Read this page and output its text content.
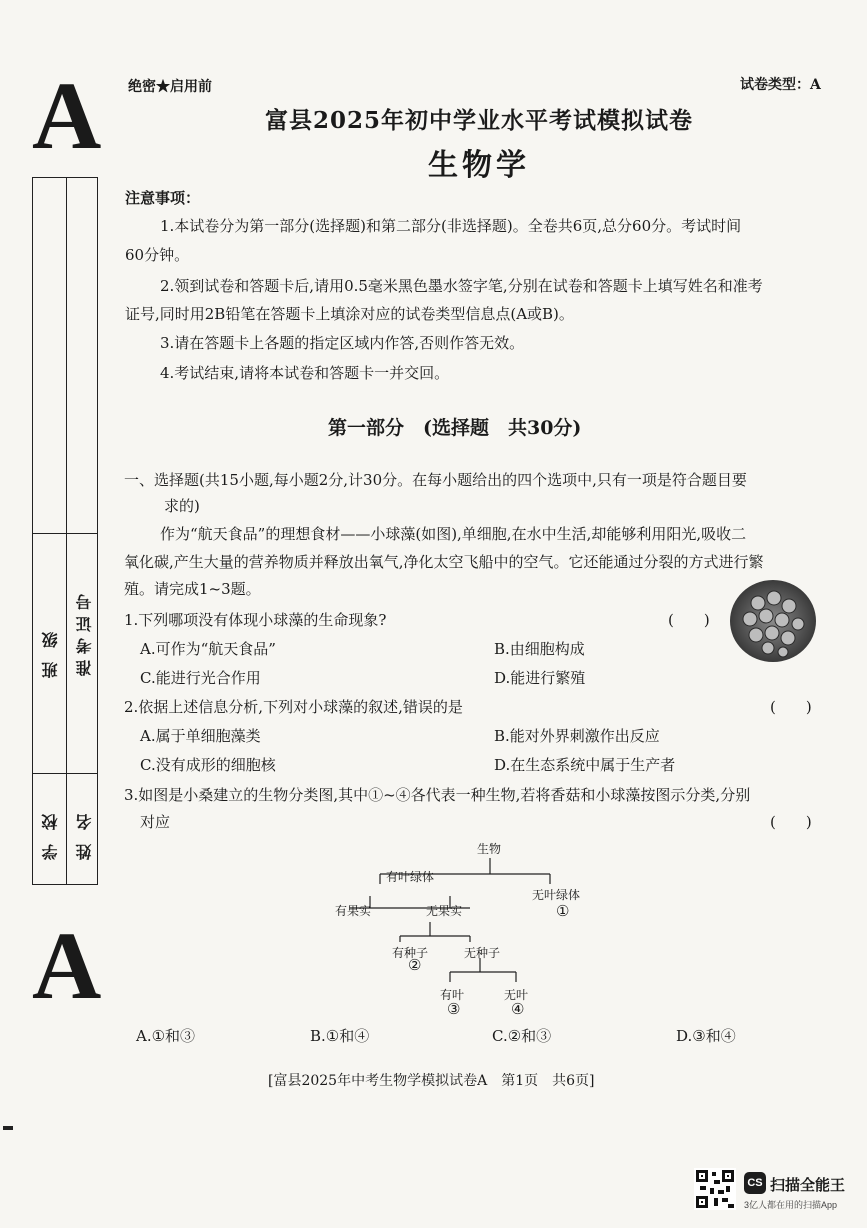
A
A
绝密★启用前	试卷类型：A
富县2025年初中学业水平考试模拟试卷
生物学
班级 准考证号
学校 姓名
注意事项：
1.本试卷分为第一部分(选择题)和第二部分(非选择题)。全卷共6页,总分60分。考试时间
60分钟。
2.领到试卷和答题卡后,请用0.5毫米黑色墨水签字笔,分别在试卷和答题卡上填写姓名和准考
证号,同时用2B铅笔在答题卡上填涂对应的试卷类型信息点(A或B)。
3.请在答题卡上各题的指定区域内作答,否则作答无效。
4.考试结束,请将本试卷和答题卡一并交回。
第一部分　(选择题　共30分)
一、选择题(共15小题,每小题2分,计30分。在每小题给出的四个选项中,只有一项是符合题目要
求的)
作为“航天食品”的理想食材——小球藻(如图),单细胞,在水中生活,却能够利用阳光,吸收二
氧化碳,产生大量的营养物质并释放出氧气,净化太空飞船中的空气。它还能通过分裂的方式进行繁
殖。请完成1~3题。
1.下列哪项没有体现小球藻的生命现象?	(　　)
A.可作为“航天食品”	B.由细胞构成
C.能进行光合作用	D.能进行繁殖
2.依据上述信息分析,下列对小球藻的叙述,错误的是	(　　)
A.属于单细胞藻类	B.能对外界刺激作出反应
C.没有成形的细胞核	D.在生态系统中属于生产者
3.如图是小桑建立的生物分类图,其中①~④各代表一种生物,若将香菇和小球藻按图示分类,分别
对应	(　　)
生物
有叶绿体
无叶绿体
①
有果实	无果实
有种子
②
无种子
有叶
③
无叶
④
A.①和③	B.①和④	C.②和③	D.③和④
[富县2025年中考生物学模拟试卷A　第1页　共6页]
CS 扫描全能王
3亿人都在用的扫描App
